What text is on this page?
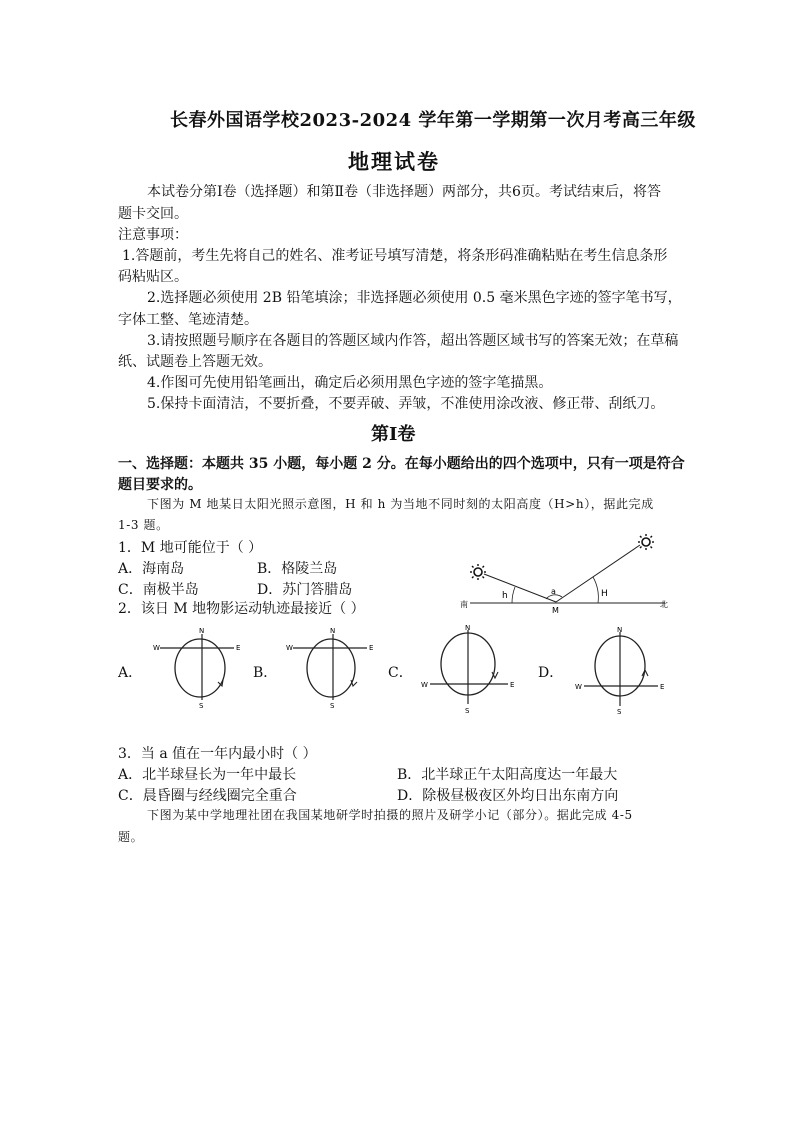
长春外国语学校2023-2024 学年第一学期第一次月考高三年级
地理试卷
本试卷分第Ⅰ卷（选择题）和第Ⅱ卷（非选择题）两部分，共6页。考试结束后，将答
题卡交回。
注意事项：
1.答题前，考生先将自己的姓名、准考证号填写清楚，将条形码准确粘贴在考生信息条形
码粘贴区。
2.选择题必须使用 2B 铅笔填涂；非选择题必须使用 0.5 毫米黑色字迹的签字笔书写，
字体工整、笔迹清楚。
3.请按照题号顺序在各题目的答题区域内作答，超出答题区域书写的答案无效；在草稿
纸、试题卷上答题无效。
4.作图可先使用铅笔画出，确定后必须用黑色字迹的签字笔描黑。
5.保持卡面清洁，不要折叠，不要弄破、弄皱，不准使用涂改液、修正带、刮纸刀。
第Ⅰ卷
一、选择题：本题共 35 小题，每小题 2 分。在每小题给出的四个选项中，只有一项是符合
题目要求的。
下图为 M 地某日太阳光照示意图，H 和 h 为当地不同时刻的太阳高度（H>h），据此完成
1-3 题。
1．M 地可能位于（ ）
A．海南岛	B．格陵兰岛
C．南极半岛	D．苏门答腊岛
南	北
h	a
M
H
2．该日 M 地物影运动轨迹最接近（ ）
A．
N
S
W	E
B．
N
S
W	E
C．
N
S
W	E
D．
N
S
W	E
3．当 a 值在一年内最小时（ ）
A．北半球昼长为一年中最长	B．北半球正午太阳高度达一年最大
C．晨昏圈与经线圈完全重合	D．除极昼极夜区外均日出东南方向
下图为某中学地理社团在我国某地研学时拍摄的照片及研学小记（部分）。据此完成 4-5
题。
